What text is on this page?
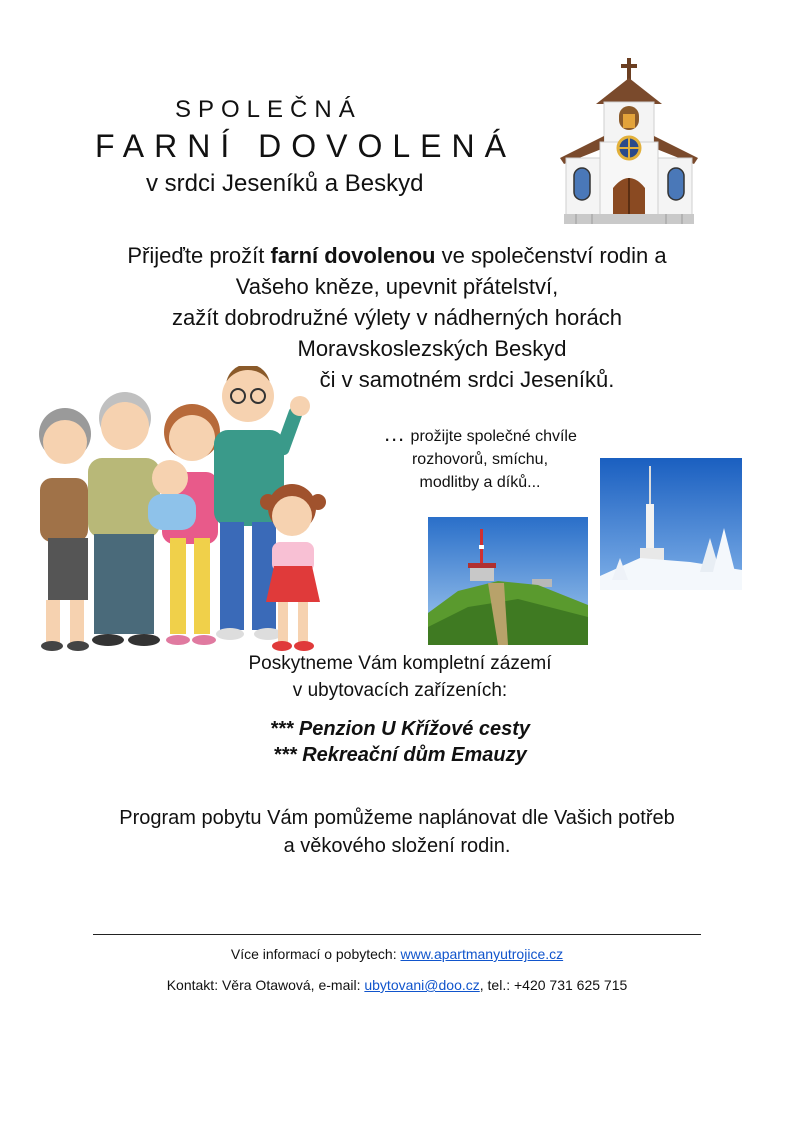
SPOLEČNÁ
FARNÍ DOVOLENÁ
v srdci Jeseníků a Beskyd
Přijeďte prožít farní dovolenou ve společenství rodin a
Vašeho kněze, upevnit přátelství,
zažít dobrodružné výlety v nádherných horách
Moravskoslezských Beskyd
či v samotném srdci Jeseníků.
… prožijte společné chvíle
rozhovorů, smíchu,
modlitby a díků...
Poskytneme Vám kompletní zázemí
v ubytovacích zařízeních:
*** Penzion U Křížové cesty
*** Rekreační dům Emauzy
Program pobytu Vám pomůžeme naplánovat dle Vašich potřeb
a věkového složení rodin.
Více informací o pobytech: www.apartmanyutrojice.cz
Kontakt: Věra Otawová, e-mail: ubytovani@doo.cz, tel.: +420 731 625 715
